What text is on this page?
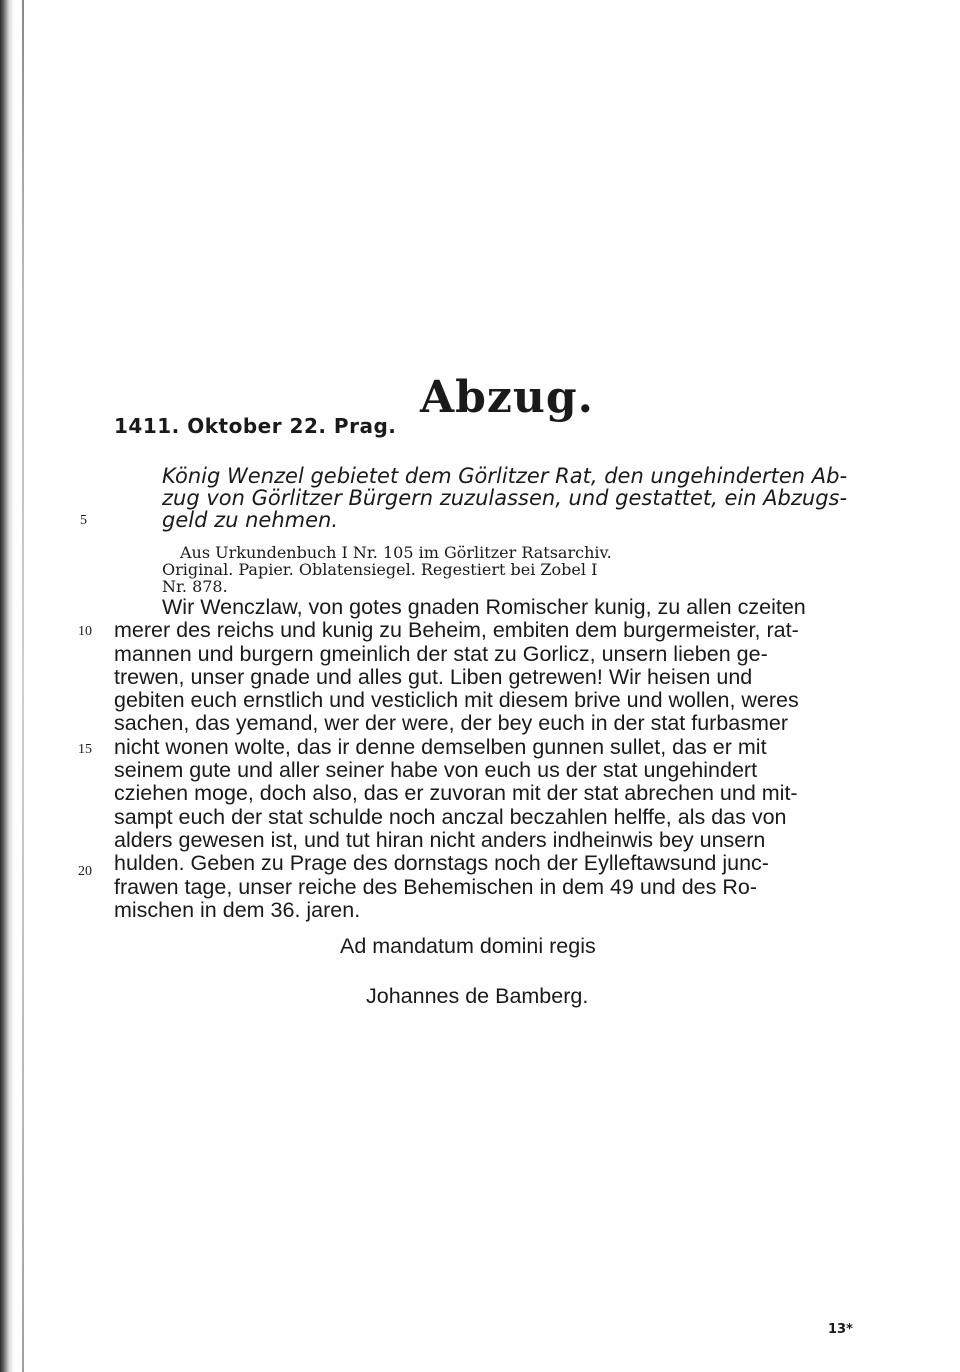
1411. Oktober 22. Prag.
Abzug.
König Wenzel gebietet dem Görlitzer Rat, den ungehinderten Ab-
zug von Görlitzer Bürgern zuzulassen, und gestattet, ein Abzugs-
geld zu nehmen.
Aus Urkundenbuch I Nr. 105 im Görlitzer Ratsarchiv.
Original. Papier. Oblatensiegel. Regestiert bei Zobel I
Nr. 878.
Wir Wenczlaw, von gotes gnaden Romischer kunig, zu allen czeiten
merer des reichs und kunig zu Beheim, embiten dem burgermeister, rat-
mannen und burgern gmeinlich der stat zu Gorlicz, unsern lieben ge-
trewen, unser gnade und alles gut. Liben getrewen! Wir heisen und
gebiten euch ernstlich und vesticlich mit diesem brive und wollen, weres
sachen, das yemand, wer der were, der bey euch in der stat furbasmer
nicht wonen wolte, das ir denne demselben gunnen sullet, das er mit
seinem gute und aller seiner habe von euch us der stat ungehindert
cziehen moge, doch also, das er zuvoran mit der stat abrechen und mit-
sampt euch der stat schulde noch anczal beczahlen helffe, als das von
alders gewesen ist, und tut hiran nicht anders indheinwis bey unsern
hulden. Geben zu Prage des dornstags noch der Eylleftawsund junc-
frawen tage, unser reiche des Behemischen in dem 49 und des Ro-
mischen in dem 36. jaren.
5
10
15
20
Ad mandatum domini regis
Johannes de Bamberg.
13*
